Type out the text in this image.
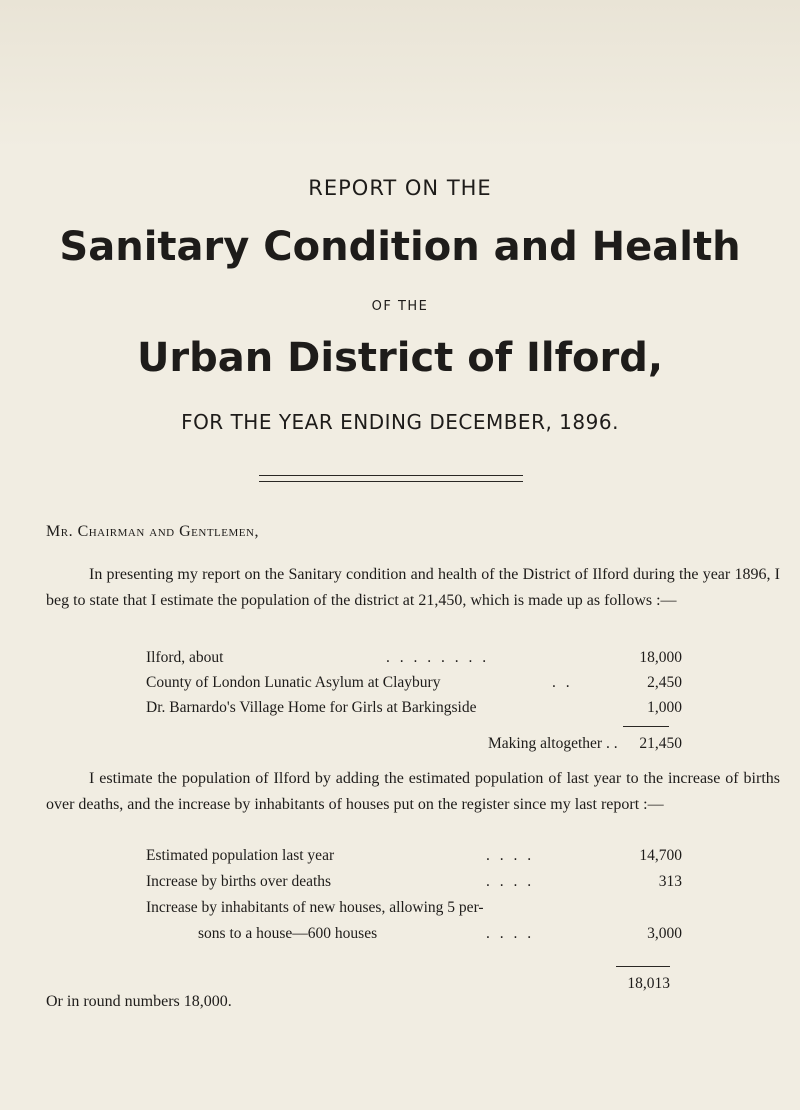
REPORT ON THE
Sanitary Condition and Health
OF THE
Urban District of Ilford,
FOR THE YEAR ENDING DECEMBER, 1896.
Mr. Chairman and Gentlemen,
In presenting my report on the Sanitary condition and health of the District of Ilford during the year 1896, I beg to state that I estimate the population of the district at 21,450, which is made up as follows :—
Ilford, about	. . . . . . . .	18,000
County of London Lunatic Asylum at Claybury	. .	2,450
Dr. Barnardo's Village Home for Girls at Barkingside	1,000
Making altogether . .	21,450
I estimate the population of Ilford by adding the estimated population of last year to the increase of births over deaths, and the increase by inhabitants of houses put on the register since my last report :—
Estimated population last year	. . . .	14,700
Increase by births over deaths	. . . .	313
Increase by inhabitants of new houses, allowing 5 per-
sons to a house—600 houses	. . . .	3,000
18,013
Or in round numbers 18,000.
